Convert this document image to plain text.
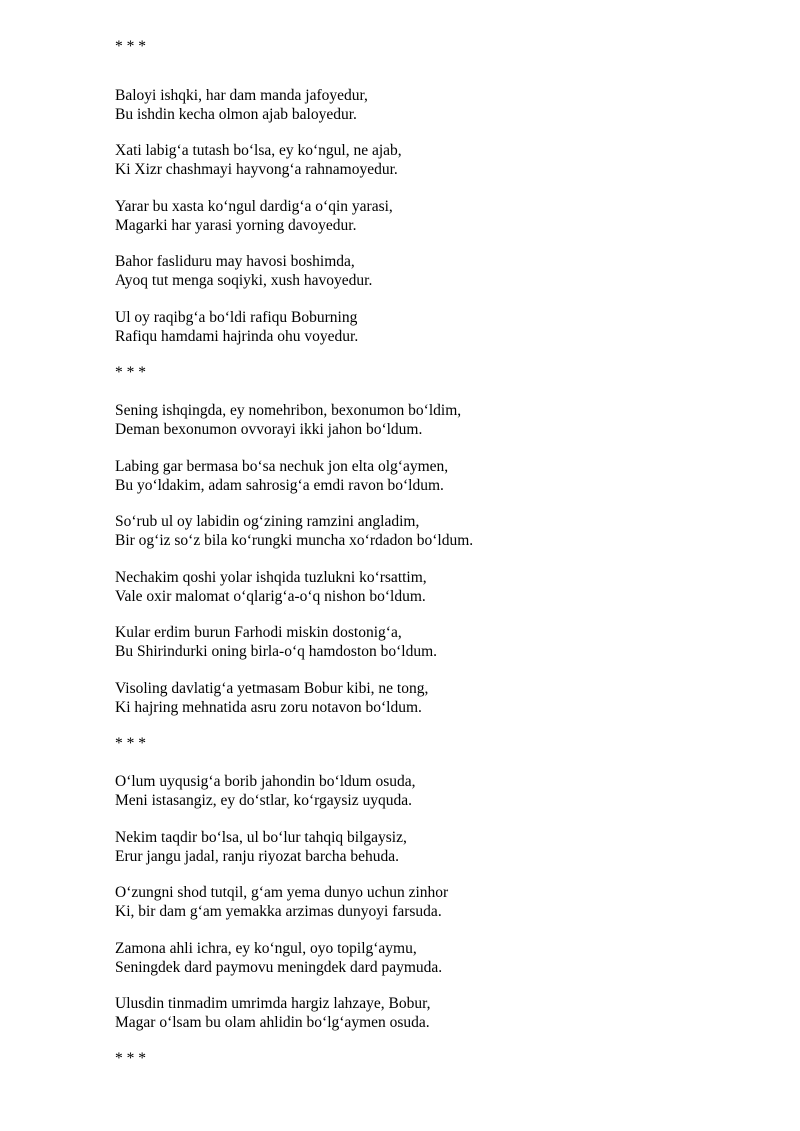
* * *
Baloyi ishqki, har dam manda jafoyedur,
Bu ishdin kecha olmon ajab baloyedur.
Xati labig‘a tutash bo‘lsa, ey ko‘ngul, ne ajab,
Ki Xizr chashmayi hayvong‘a rahnamoyedur.
Yarar bu xasta ko‘ngul dardig‘a o‘qin yarasi,
Magarki har yarasi yorning davoyedur.
Bahor fasliduru may havosi boshimda,
Ayoq tut menga soqiyki, xush havoyedur.
Ul oy raqibg‘a bo‘ldi rafiqu Boburning
Rafiqu hamdami hajrinda ohu voyedur.
* * *
Sening ishqingda, ey nomehribon, bexonumon bo‘ldim,
Deman bexonumon ovvorayi ikki jahon bo‘ldum.
Labing gar bermasa bo‘sa nechuk jon elta olg‘aymen,
Bu yo‘ldakim, adam sahrosig‘a emdi ravon bo‘ldum.
So‘rub ul oy labidin og‘zining ramzini angladim,
Bir og‘iz so‘z bila ko‘rungki muncha xo‘rdadon bo‘ldum.
Nechakim qoshi yolar ishqida tuzlukni ko‘rsattim,
Vale oxir malomat o‘qlarig‘a-o‘q nishon bo‘ldum.
Kular erdim burun Farhodi miskin dostonig‘a,
Bu Shirindurki oning birla-o‘q hamdoston bo‘ldum.
Visoling davlatig‘a yetmasam Bobur kibi, ne tong,
Ki hajring mehnatida asru zoru notavon bo‘ldum.
* * *
O‘lum uyqusig‘a borib jahondin bo‘ldum osuda,
Meni istasangiz, ey do‘stlar, ko‘rgaysiz uyquda.
Nekim taqdir bo‘lsa, ul bo‘lur tahqiq bilgaysiz,
Erur jangu jadal, ranju riyozat barcha behuda.
O‘zungni shod tutqil, g‘am yema dunyo uchun zinhor
Ki, bir dam g‘am yemakka arzimas dunyoyi farsuda.
Zamona ahli ichra, ey ko‘ngul, oyo topilg‘aymu,
Seningdek dard paymovu meningdek dard paymuda.
Ulusdin tinmadim umrimda hargiz lahzaye, Bobur,
Magar o‘lsam bu olam ahlidin bo‘lg‘aymen osuda.
* * *
